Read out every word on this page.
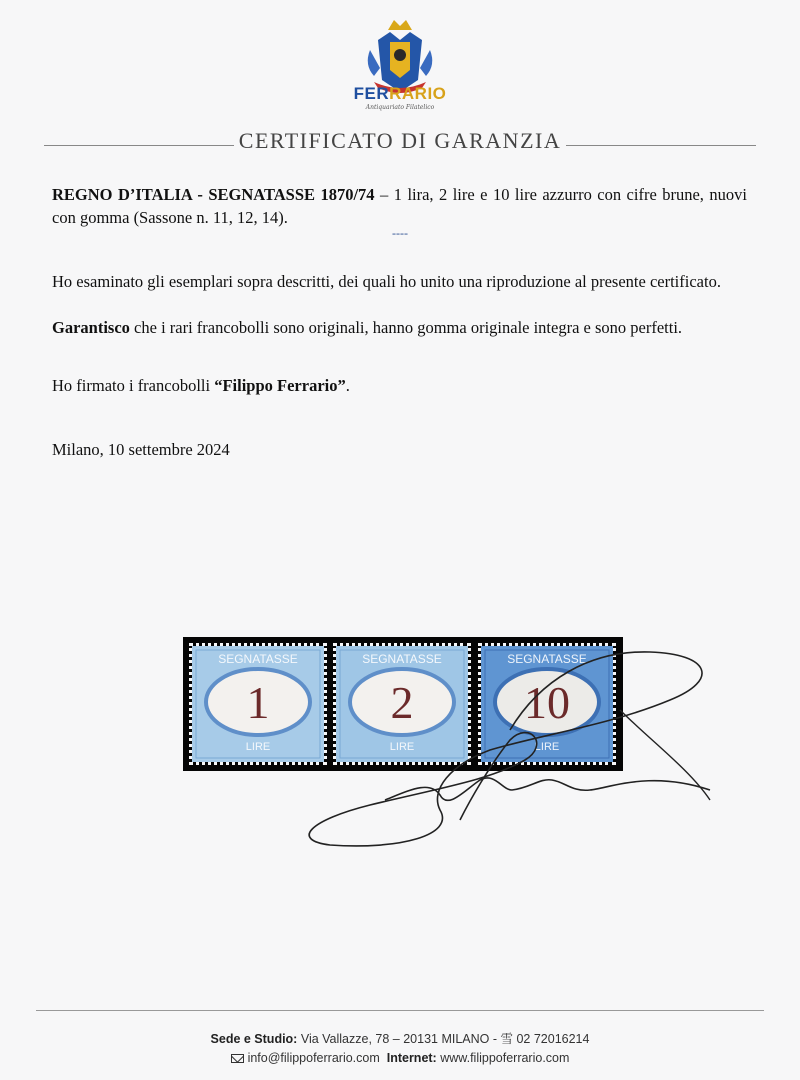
FERRARIO
Antiquariato Filatelico
CERTIFICATO DI GARANZIA
REGNO D’ITALIA - SEGNATASSE 1870/74 – 1 lira, 2 lire e 10 lire azzurro con cifre brune, nuovi con gomma (Sassone n. 11, 12, 14).
----
Ho esaminato gli esemplari sopra descritti, dei quali ho unito una riproduzione al presente certificato.
Garantisco che i rari francobolli sono originali, hanno gomma originale integra e sono perfetti.
Ho firmato i francobolli “Filippo Ferrario”.
Milano, 10 settembre 2024
SEGNATASSE
1
LIRE
SEGNATASSE
2
LIRE
SEGNATASSE
10
LIRE
Sede e Studio: Via Vallazze, 78 – 20131 MILANO - 雪 02 72016214
info@filippoferrario.com Internet: www.filippoferrario.com
